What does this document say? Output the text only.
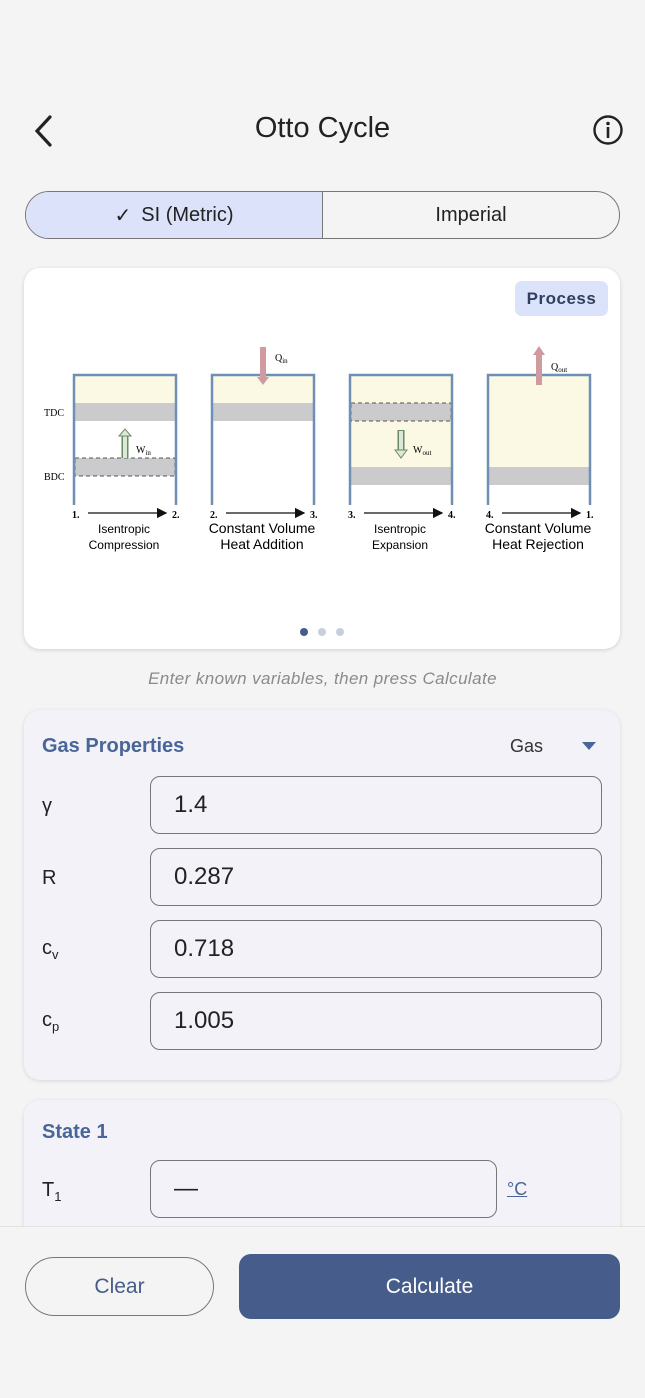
Otto Cycle
✓ SI (Metric)	Imperial
Process
TDC
BDC
$W_{in}$
$Q_{in}$
$W_{out}$
$Q_{out}$
1.	2.
Isentropic
Compression
2.	3.
Constant Volume
Heat Addition
3.	4.
Isentropic
Expansion
4.	1.
Constant Volume
Heat Rejection
Enter known variables, then press Calculate
Gas Properties	Gas
γ	1.4
R	0.287
$c_v$	0.718
$c_p$	1.005
State 1
$T_1$	—	°C
Clear	Calculate
